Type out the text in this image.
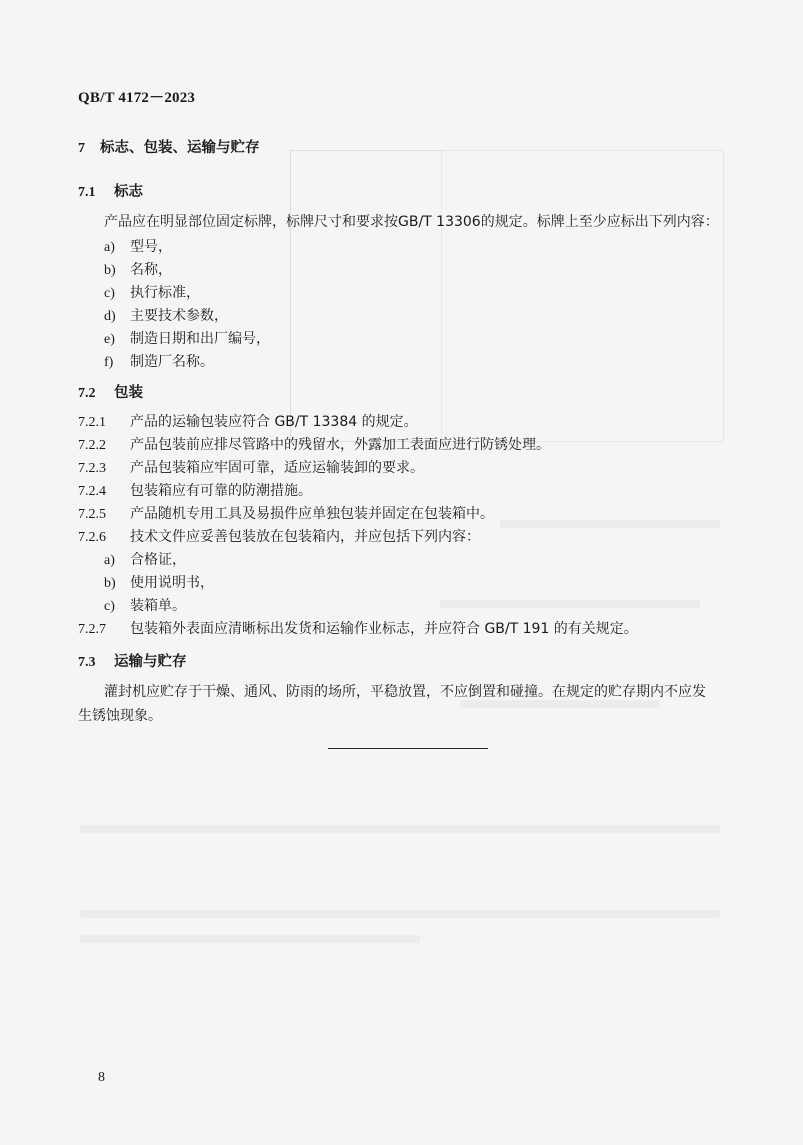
QB/T 4172－2023
7 标志、包装、运输与贮存
7.1 标志
产品应在明显部位固定标牌，标牌尺寸和要求按GB/T 13306的规定。标牌上至少应标出下列内容：
a) 型号，
b) 名称，
c) 执行标准，
d) 主要技术参数，
e) 制造日期和出厂编号，
f) 制造厂名称。
7.2 包装
7.2.1 产品的运输包装应符合 GB/T 13384 的规定。
7.2.2 产品包装前应排尽管路中的残留水，外露加工表面应进行防锈处理。
7.2.3 产品包装箱应牢固可靠，适应运输装卸的要求。
7.2.4 包装箱应有可靠的防潮措施。
7.2.5 产品随机专用工具及易损件应单独包装并固定在包装箱中。
7.2.6 技术文件应妥善包装放在包装箱内，并应包括下列内容：
a) 合格证，
b) 使用说明书，
c) 装箱单。
7.2.7 包装箱外表面应清晰标出发货和运输作业标志，并应符合 GB/T 191 的有关规定。
7.3 运输与贮存
灌封机应贮存于干燥、通风、防雨的场所，平稳放置，不应倒置和碰撞。在规定的贮存期内不应发
生锈蚀现象。
8
